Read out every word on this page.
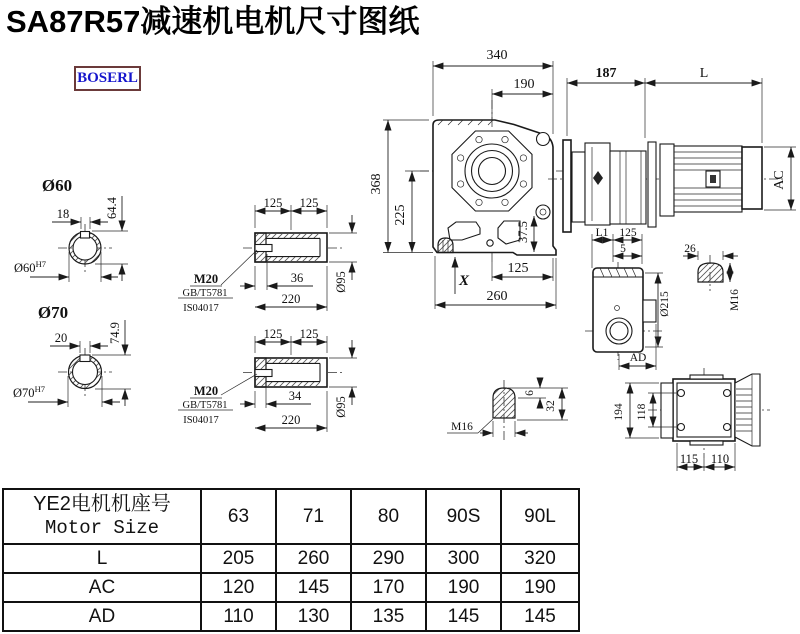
SA87R57减速机电机尺寸图纸
BOSERL
Ø60
18	64.4
$Ø60^{H7}$
Ø70
20	74.9
$Ø70^{H7}$
125 125
36
220
Ø95
M20
GB/T5781
IS04017
125 125
34
220
Ø95
M20
GB/T5781
IS04017
340
190
368
225
37.5
125
260
X
187	L
AC
L1 125
5
Ø215
AD
26
M16
M16
6
32	118
194
115 110
YE2电机机座号
Motor Size	63	71	80	90S	90L
L	205	260	290	300	320
AC	120	145	170	190	190
AD	110	130	135	145	145
